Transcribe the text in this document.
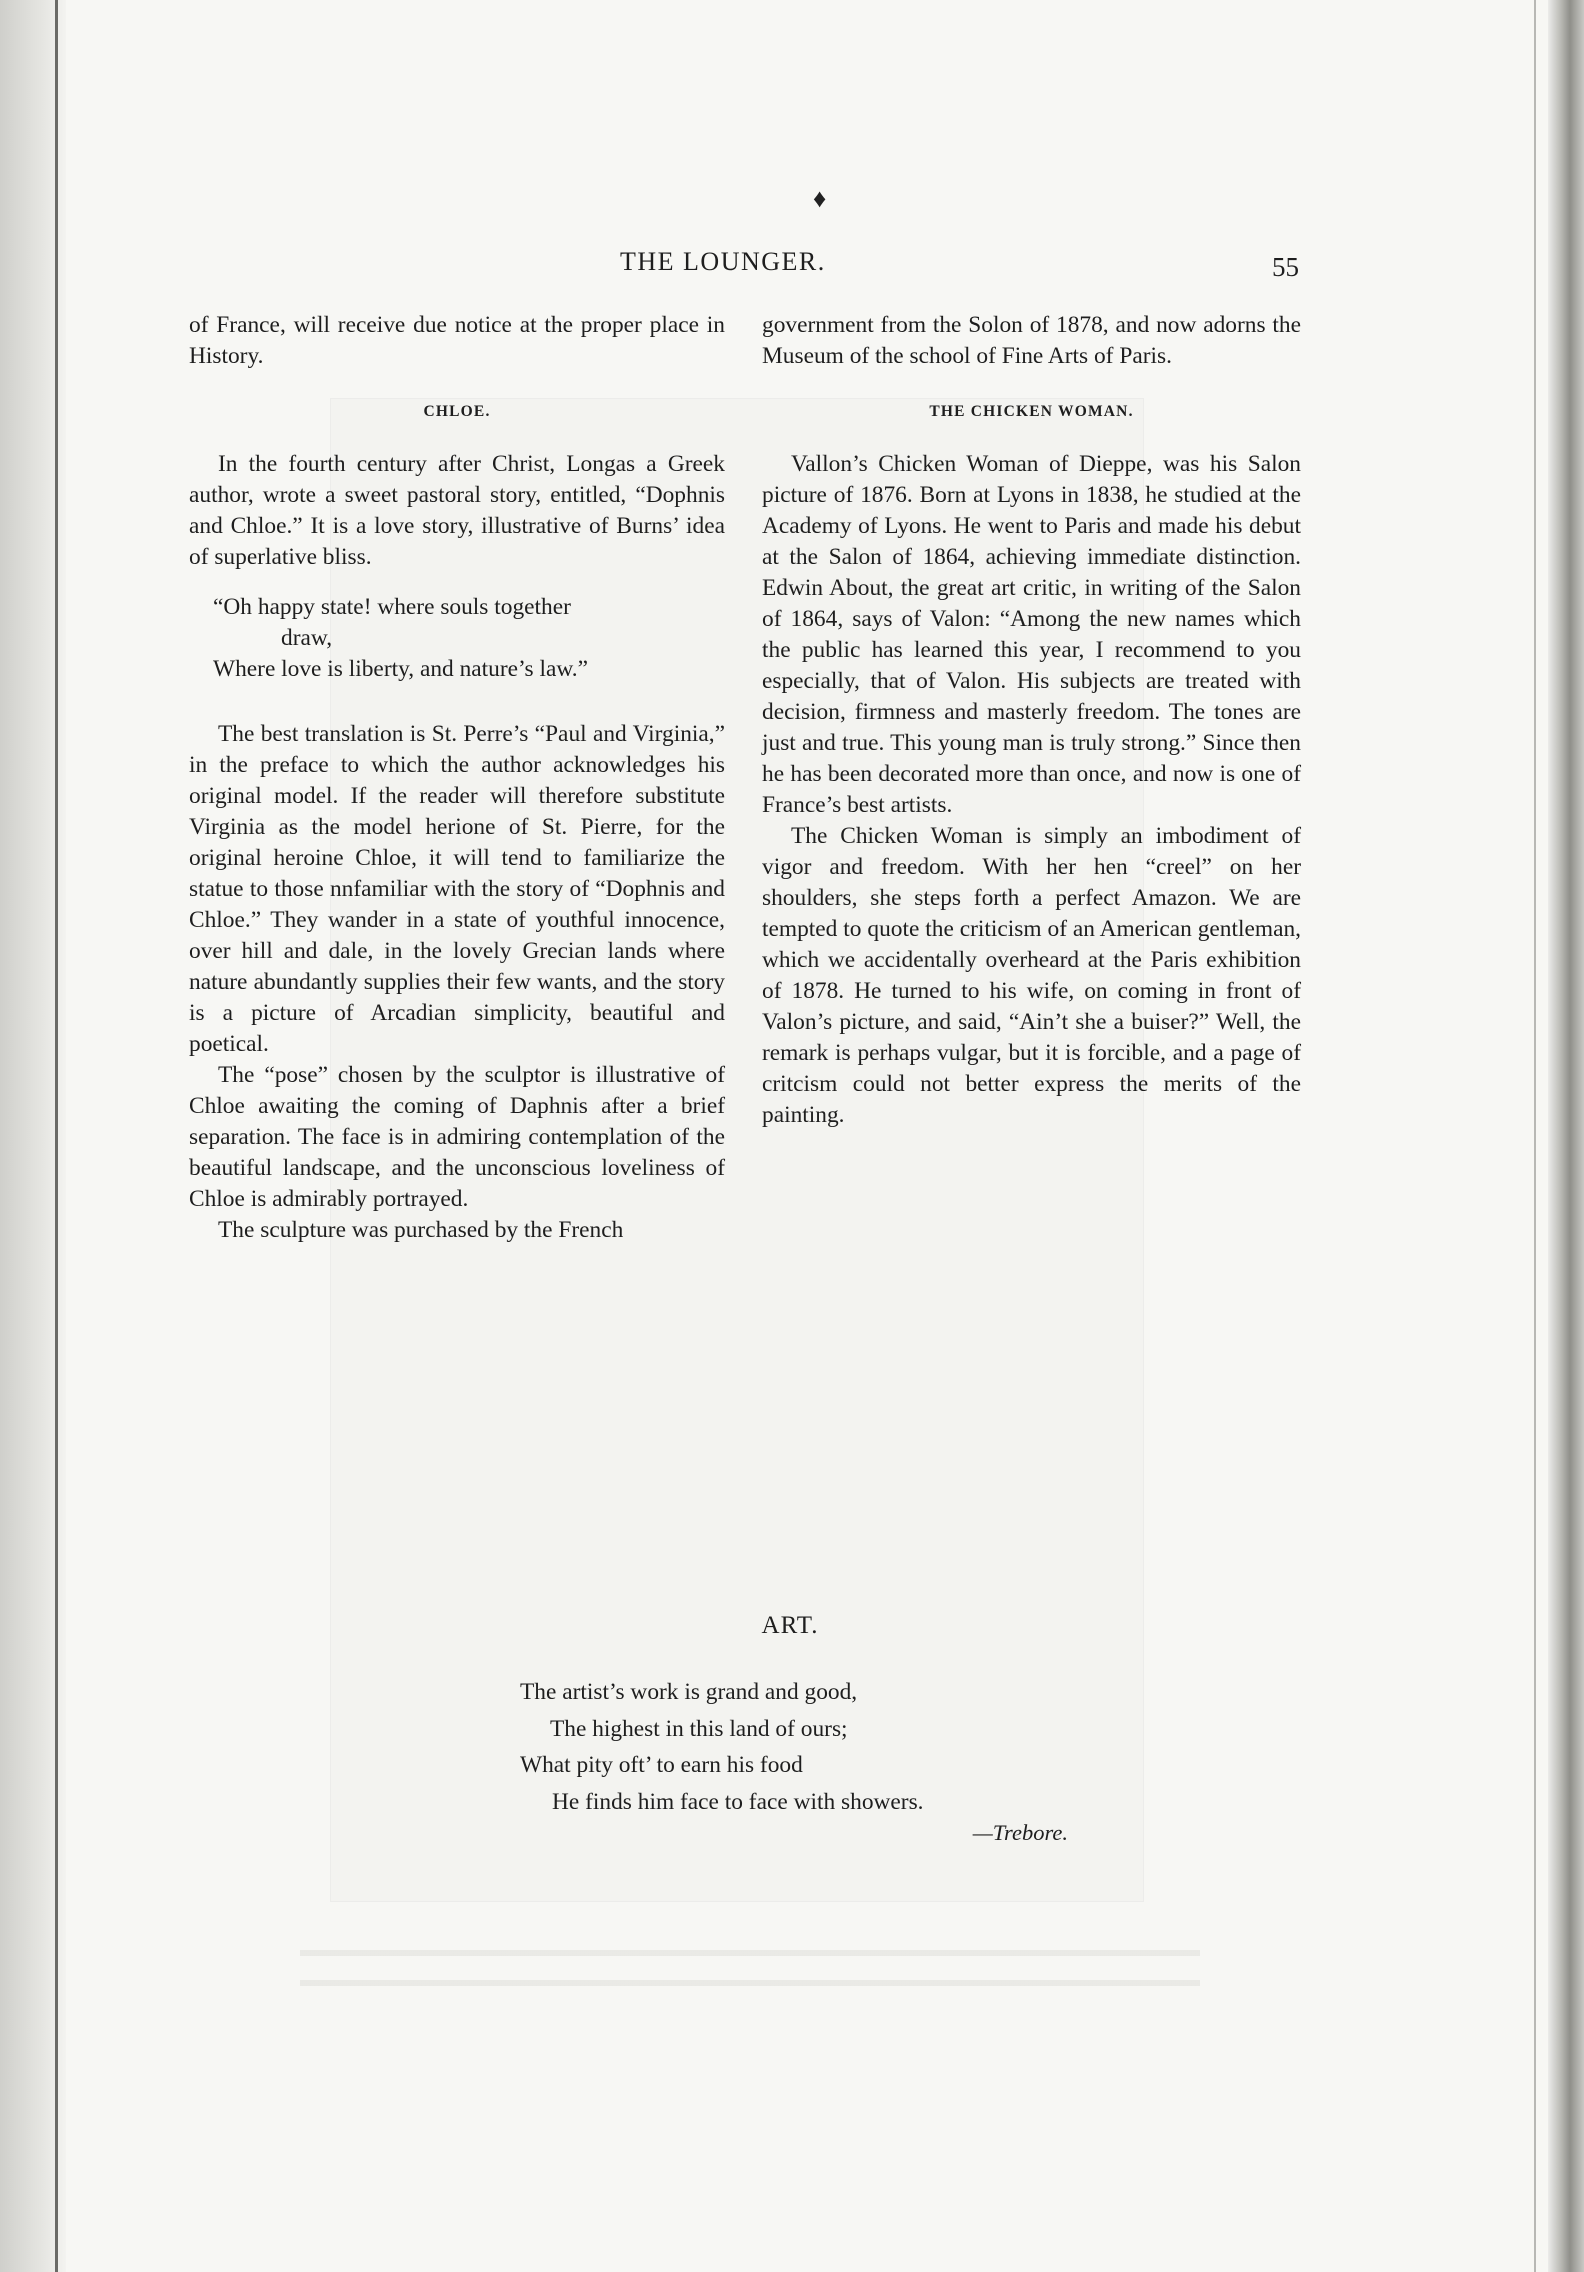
♦
THE LOUNGER.	55

of France, will receive due notice at the proper place in History.

CHLOE.

In the fourth century after Christ, Longas a Greek author, wrote a sweet pastoral story, entitled, “Dophnis and Chloe.” It is a love story, illustrative of Burns’ idea of superlative bliss.

“Oh happy state! where souls together
draw,
Where love is liberty, and nature’s law.”

The best translation is St. Perre’s “Paul and Virginia,” in the preface to which the author acknowledges his original model. If the reader will therefore substitute Virginia as the model herione of St. Pierre, for the original heroine Chloe, it will tend to familiarize the statue to those nnfamiliar with the story of “Dophnis and Chloe.” They wander in a state of youthful innocence, over hill and dale, in the lovely Grecian lands where nature abundantly supplies their few wants, and the story is a picture of Arcadian simplicity, beautiful and poetical.

The “pose” chosen by the sculptor is illustrative of Chloe awaiting the coming of Daphnis after a brief separation. The face is in admiring contemplation of the beautiful landscape, and the unconscious loveliness of Chloe is admirably portrayed.

The sculpture was purchased by the French

government from the Solon of 1878, and now adorns the Museum of the school of Fine Arts of Paris.

THE CHICKEN WOMAN.

Vallon’s Chicken Woman of Dieppe, was his Salon picture of 1876. Born at Lyons in 1838, he studied at the Academy of Lyons. He went to Paris and made his debut at the Salon of 1864, achieving immediate distinction. Edwin About, the great art critic, in writing of the Salon of 1864, says of Valon: “Among the new names which the public has learned this year, I recommend to you especially, that of Valon. His subjects are treated with decision, firmness and masterly freedom. The tones are just and true. This young man is truly strong.” Since then he has been decorated more than once, and now is one of France’s best artists.

The Chicken Woman is simply an imbodiment of vigor and freedom. With her hen “creel” on her shoulders, she steps forth a perfect Amazon. We are tempted to quote the criticism of an American gentleman, which we accidentally overheard at the Paris exhibition of 1878. He turned to his wife, on coming in front of Valon’s picture, and said, “Ain’t she a buiser?” Well, the remark is perhaps vulgar, but it is forcible, and a page of critcism could not better express the merits of the painting.

ART.
The artist’s work is grand and good,
The highest in this land of ours;
What pity oft’ to earn his food
He finds him face to face with showers.
—Trebore.
